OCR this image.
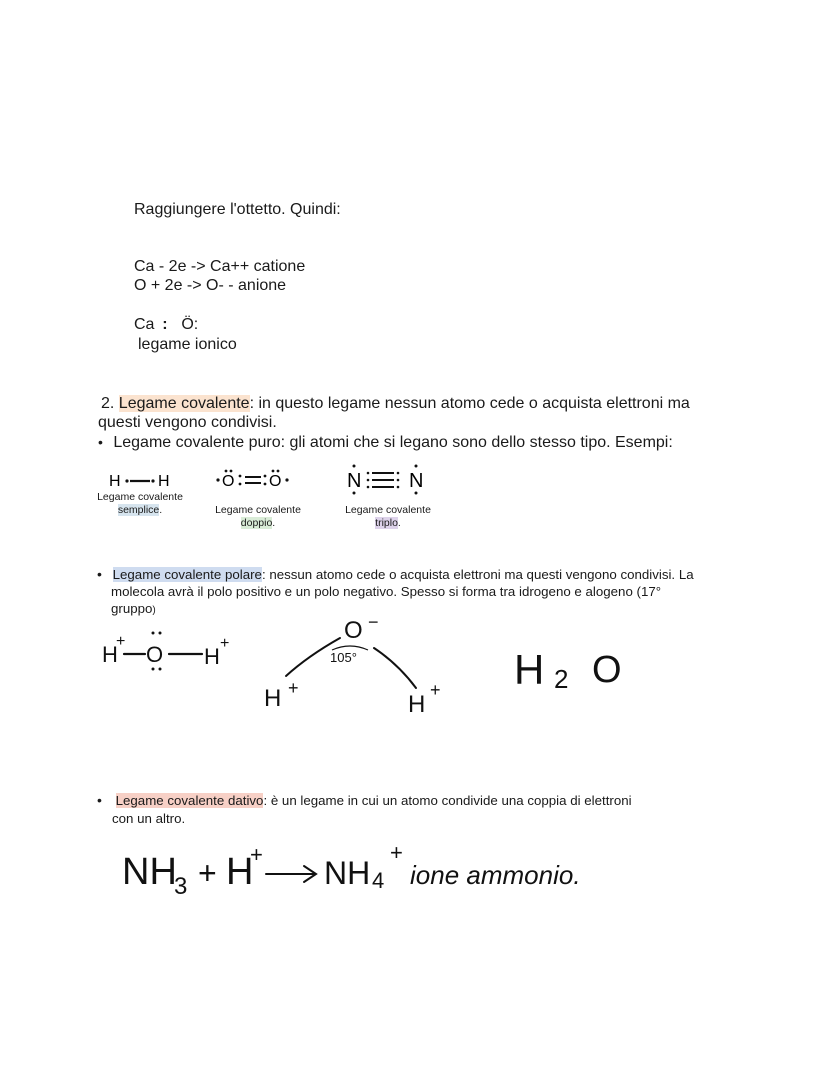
Raggiungere l'ottetto. Quindi:
Ca - 2e -> Ca++ catione
O + 2e -> O- - anione
Ca : Ö:
legame ionico
2. Legame covalente: in questo legame nessun atomo cede o acquista elettroni ma
questi vengono condivisi.
• Legame covalente puro: gli atomi che si legano sono dello stesso tipo. Esempi:
H H
Legame covalente
semplice.
O O
Legame covalente
doppio.
N N
Legame covalente
triplo.
• Legame covalente polare: nessun atomo cede o acquista elettroni ma questi vengono condivisi. La
molecola avrà il polo positivo e un polo negativo. Spesso si forma tra idrogeno e alogeno (17°
gruppo)
H
+
O H
+	O −
105°
H +
H
+ H 2 O
• Legame covalente dativo: è un legame in cui un atomo condivide una coppia di elettroni
con un altro.
NH
3 + H
+
NH 4
+
ione ammonio.
